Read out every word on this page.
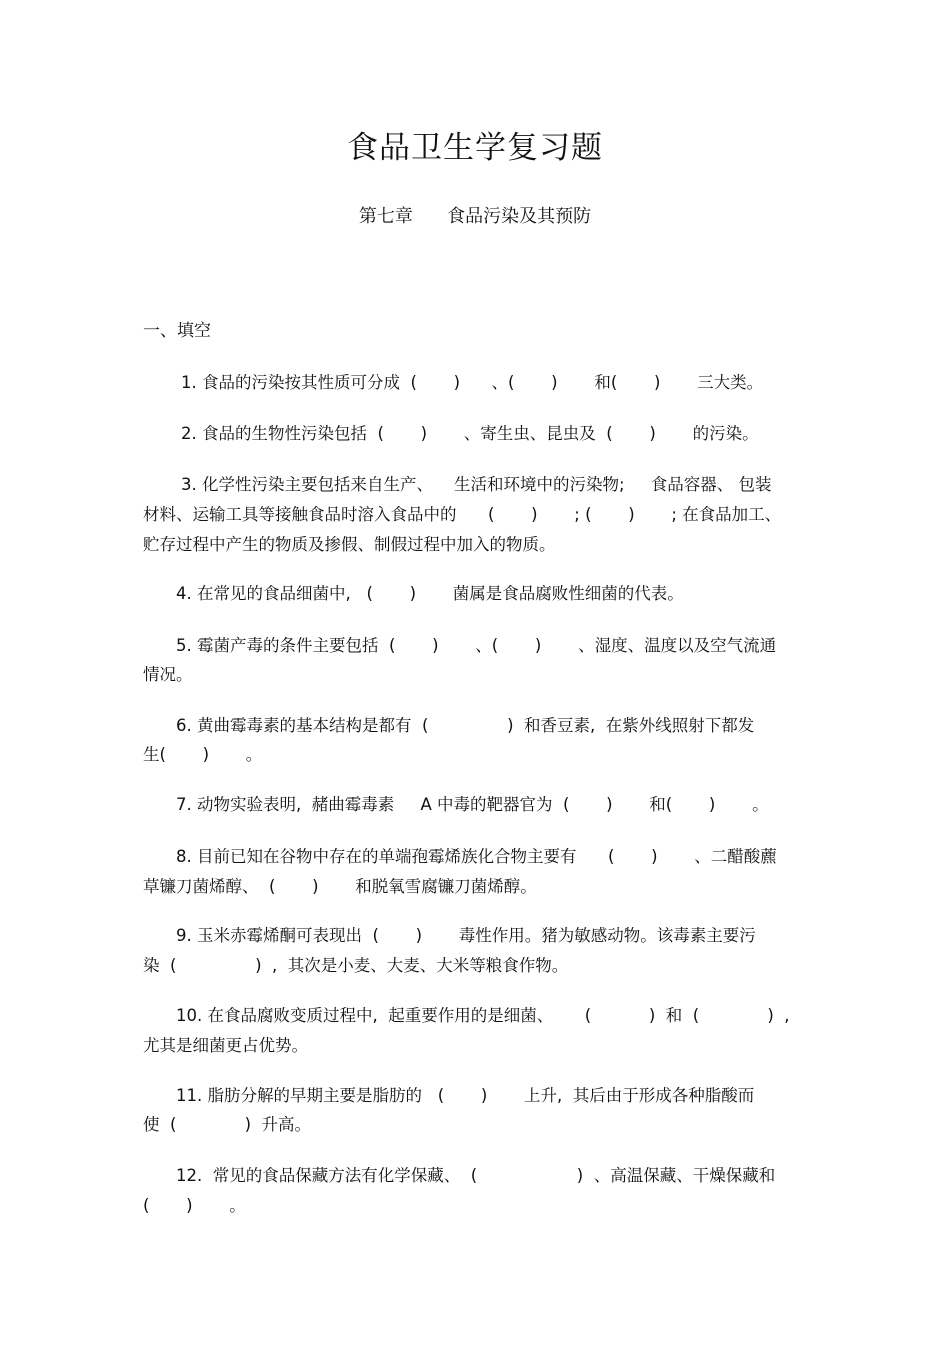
食品卫生学复习题
第七章      食品污染及其预防
一、填空
1. 食品的污染按其性质可分成  (       )      、(       )       和(       )       三大类。
2. 食品的生物性污染包括  (       )       、寄生虫、昆虫及  (       )       的污染。
3. 化学性污染主要包括来自生产、    生活和环境中的污染物;     食品容器、 包装
材料、运输工具等接触食品时溶入食品中的      (       )       ; (       )       ; 在食品加工、
贮存过程中产生的物质及掺假、制假过程中加入的物质。
4. 在常见的食品细菌中,   (       )       菌属是食品腐败性细菌的代表。
5. 霉菌产毒的条件主要包括  (       )       、(       )       、湿度、温度以及空气流通
情况。
6. 黄曲霉毒素的基本结构是都有  (               )  和香豆素,  在紫外线照射下都发
生(       )       。
7. 动物实验表明,  赭曲霉毒素     A 中毒的靶器官为  (       )       和(       )       。
8. 目前已知在谷物中存在的单端孢霉烯族化合物主要有      (       )       、二醋酸藨
草镰刀菌烯醇、  (       )       和脱氧雪腐镰刀菌烯醇。
9. 玉米赤霉烯酮可表现出  (       )       毒性作用。猪为敏感动物。该毒素主要污
染  (               )  ,  其次是小麦、大麦、大米等粮食作物。
10. 在食品腐败变质过程中,  起重要作用的是细菌、      (           )  和  (             )  ,
尤其是细菌更占优势。
11. 脂肪分解的早期主要是脂肪的   (       )       上升,  其后由于形成各种脂酸而
使  (             )  升高。
12.  常见的食品保藏方法有化学保藏、  (                   )  、高温保藏、干燥保藏和
(       )       。
